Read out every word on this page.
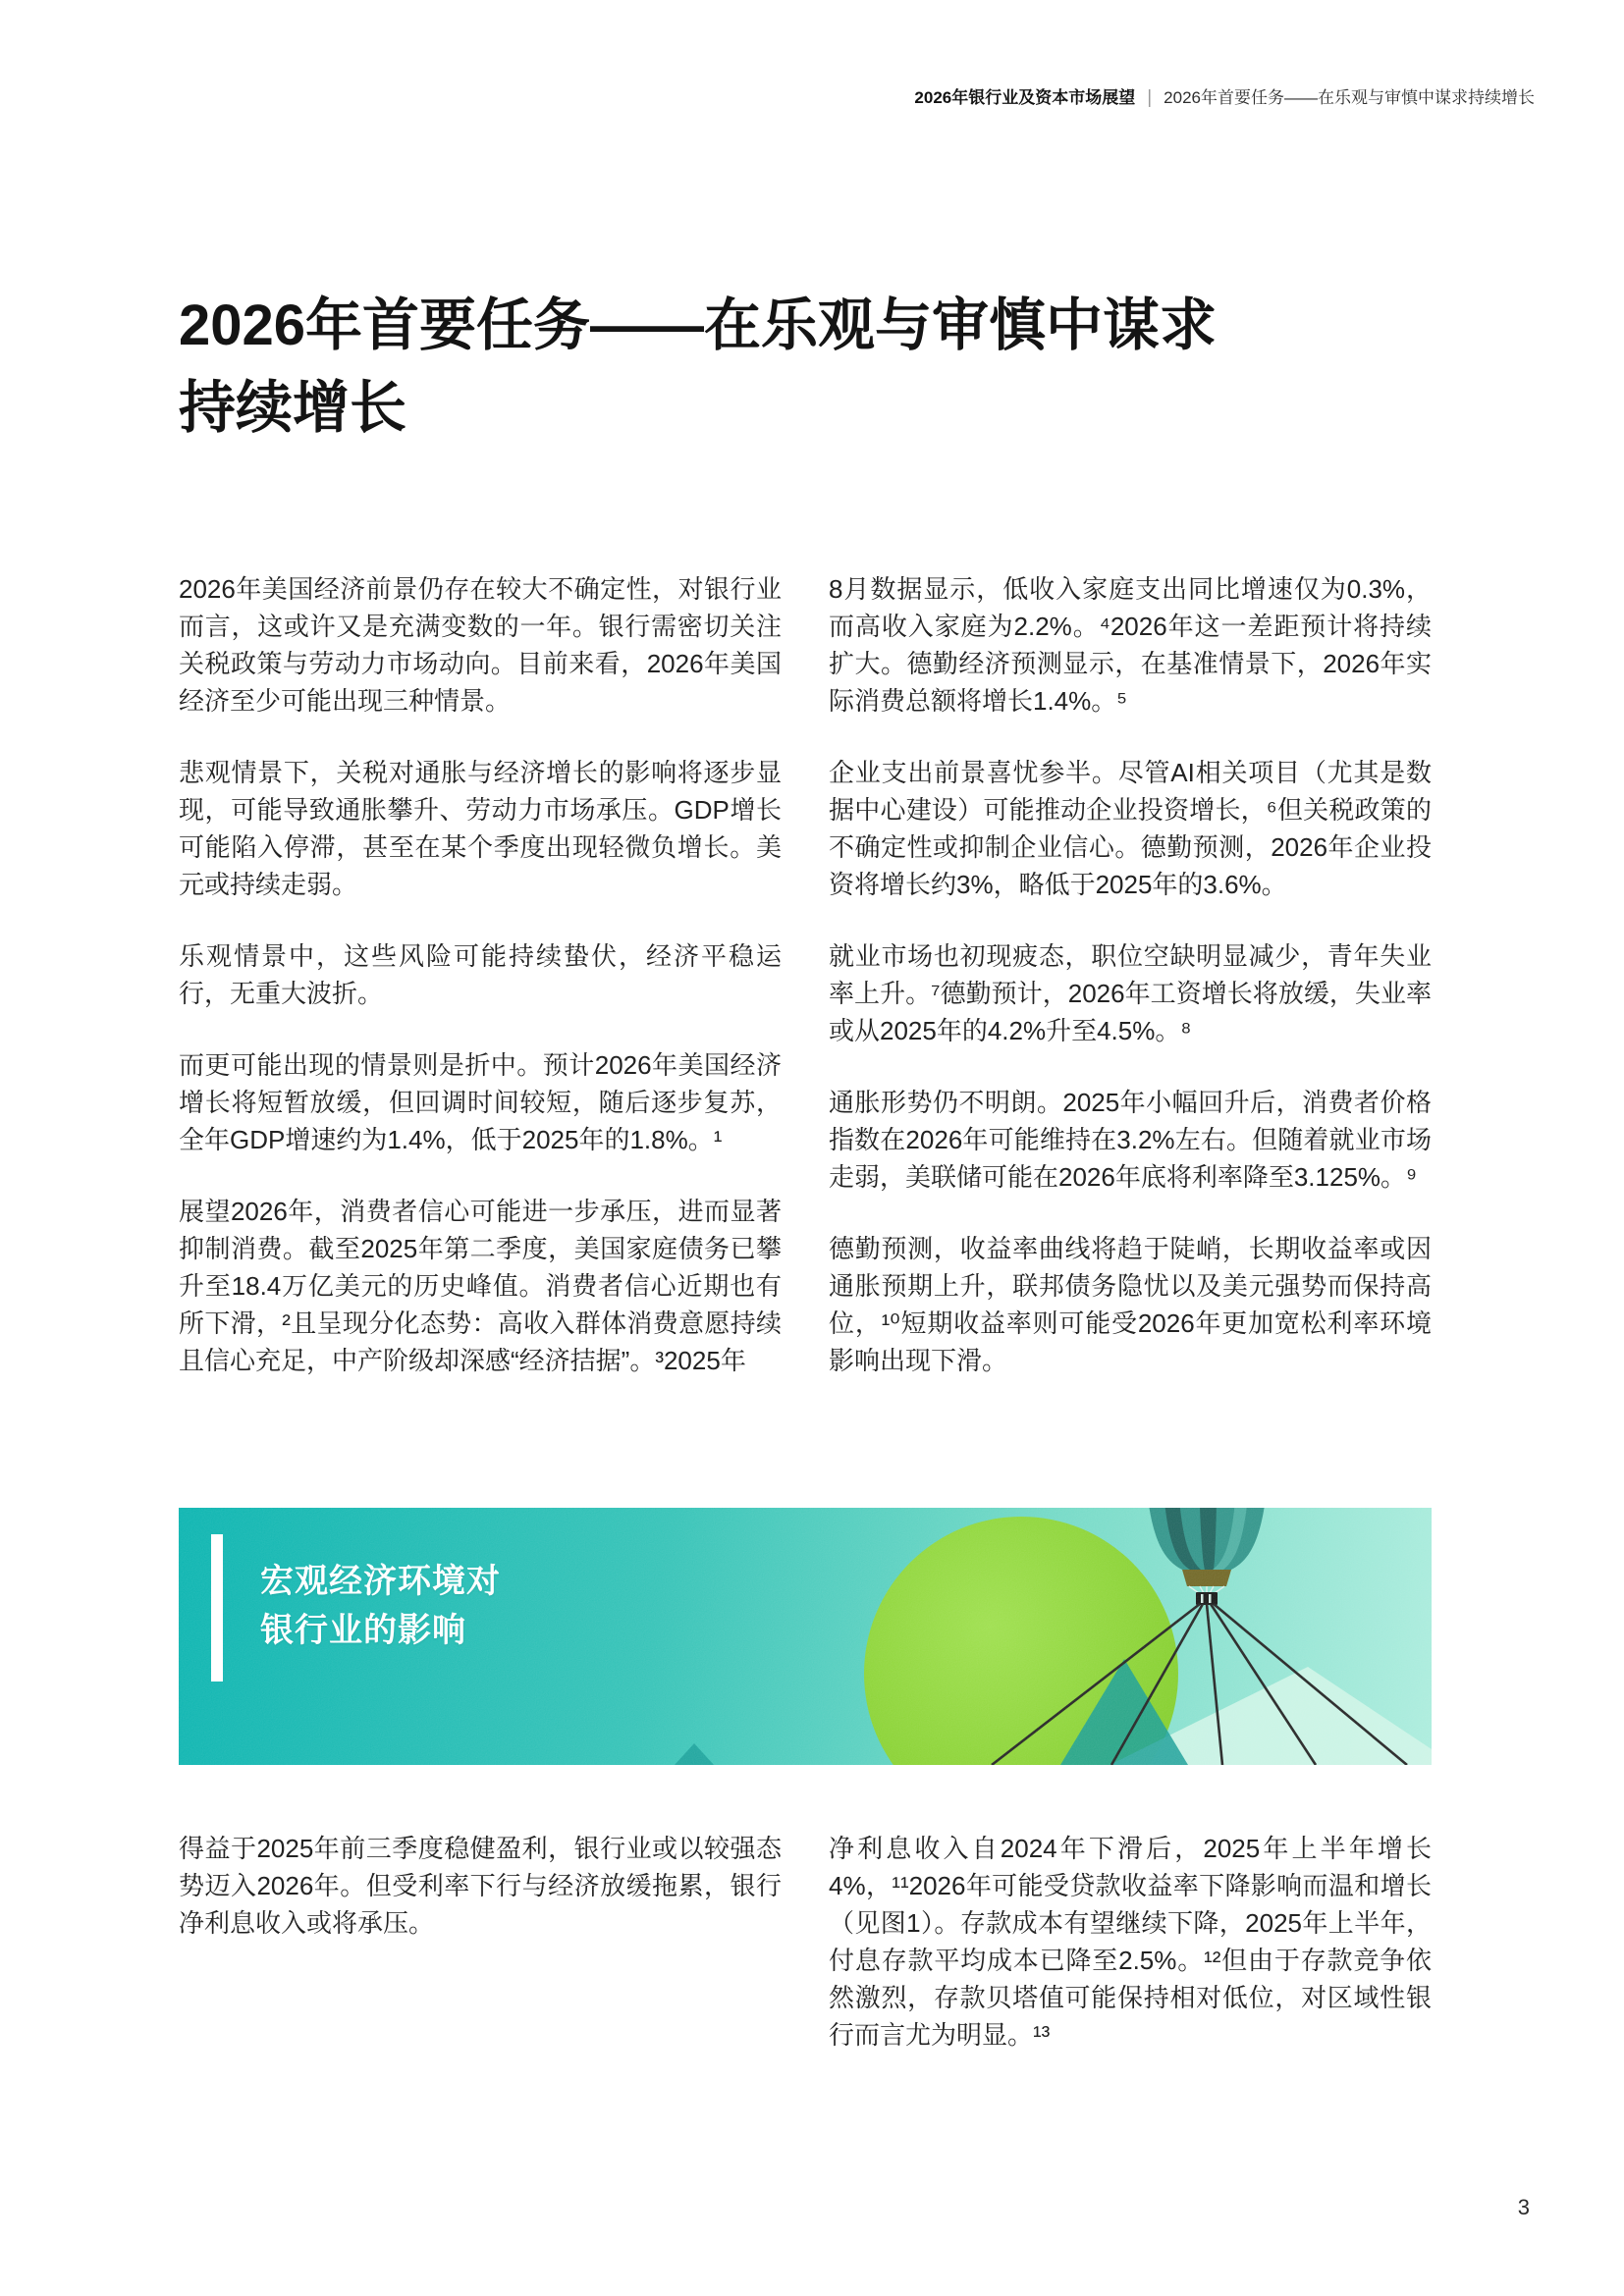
2026年银行业及资本市场展望 | 2026年首要任务——在乐观与审慎中谋求持续增长
2026年首要任务——在乐观与审慎中谋求
持续增长

2026年美国经济前景仍存在较大不确定性，对银行业而言，这或许又是充满变数的一年。银行需密切关注关税政策与劳动力市场动向。目前来看，2026年美国经济至少可能出现三种情景。

悲观情景下，关税对通胀与经济增长的影响将逐步显现，可能导致通胀攀升、劳动力市场承压。GDP增长可能陷入停滞，甚至在某个季度出现轻微负增长。美元或持续走弱。

乐观情景中，这些风险可能持续蛰伏，经济平稳运行，无重大波折。

而更可能出现的情景则是折中。预计2026年美国经济增长将短暂放缓，但回调时间较短，随后逐步复苏，全年GDP增速约为1.4%，低于2025年的1.8%。¹

展望2026年，消费者信心可能进一步承压，进而显著抑制消费。截至2025年第二季度，美国家庭债务已攀升至18.4万亿美元的历史峰值。消费者信心近期也有所下滑，²且呈现分化态势：高收入群体消费意愿持续且信心充足，中产阶级却深感“经济拮据”。³2025年

8月数据显示，低收入家庭支出同比增速仅为0.3%，而高收入家庭为2.2%。⁴2026年这一差距预计将持续扩大。德勤经济预测显示，在基准情景下，2026年实际消费总额将增长1.4%。⁵

企业支出前景喜忧参半。尽管AI相关项目（尤其是数据中心建设）可能推动企业投资增长，⁶但关税政策的不确定性或抑制企业信心。德勤预测，2026年企业投资将增长约3%，略低于2025年的3.6%。

就业市场也初现疲态，职位空缺明显减少，青年失业率上升。⁷德勤预计，2026年工资增长将放缓，失业率或从2025年的4.2%升至4.5%。⁸

通胀形势仍不明朗。2025年小幅回升后，消费者价格指数在2026年可能维持在3.2%左右。但随着就业市场走弱，美联储可能在2026年底将利率降至3.125%。⁹

德勤预测，收益率曲线将趋于陡峭，长期收益率或因通胀预期上升，联邦债务隐忧以及美元强势而保持高位，¹⁰短期收益率则可能受2026年更加宽松利率环境影响出现下滑。

宏观经济环境对
银行业的影响

得益于2025年前三季度稳健盈利，银行业或以较强态势迈入2026年。但受利率下行与经济放缓拖累，银行净利息收入或将承压。

净利息收入自2024年下滑后，2025年上半年增长4%，¹¹2026年可能受贷款收益率下降影响而温和增长（见图1）。存款成本有望继续下降，2025年上半年，付息存款平均成本已降至2.5%。¹²但由于存款竞争依然激烈，存款贝塔值可能保持相对低位，对区域性银行而言尤为明显。¹³

3
